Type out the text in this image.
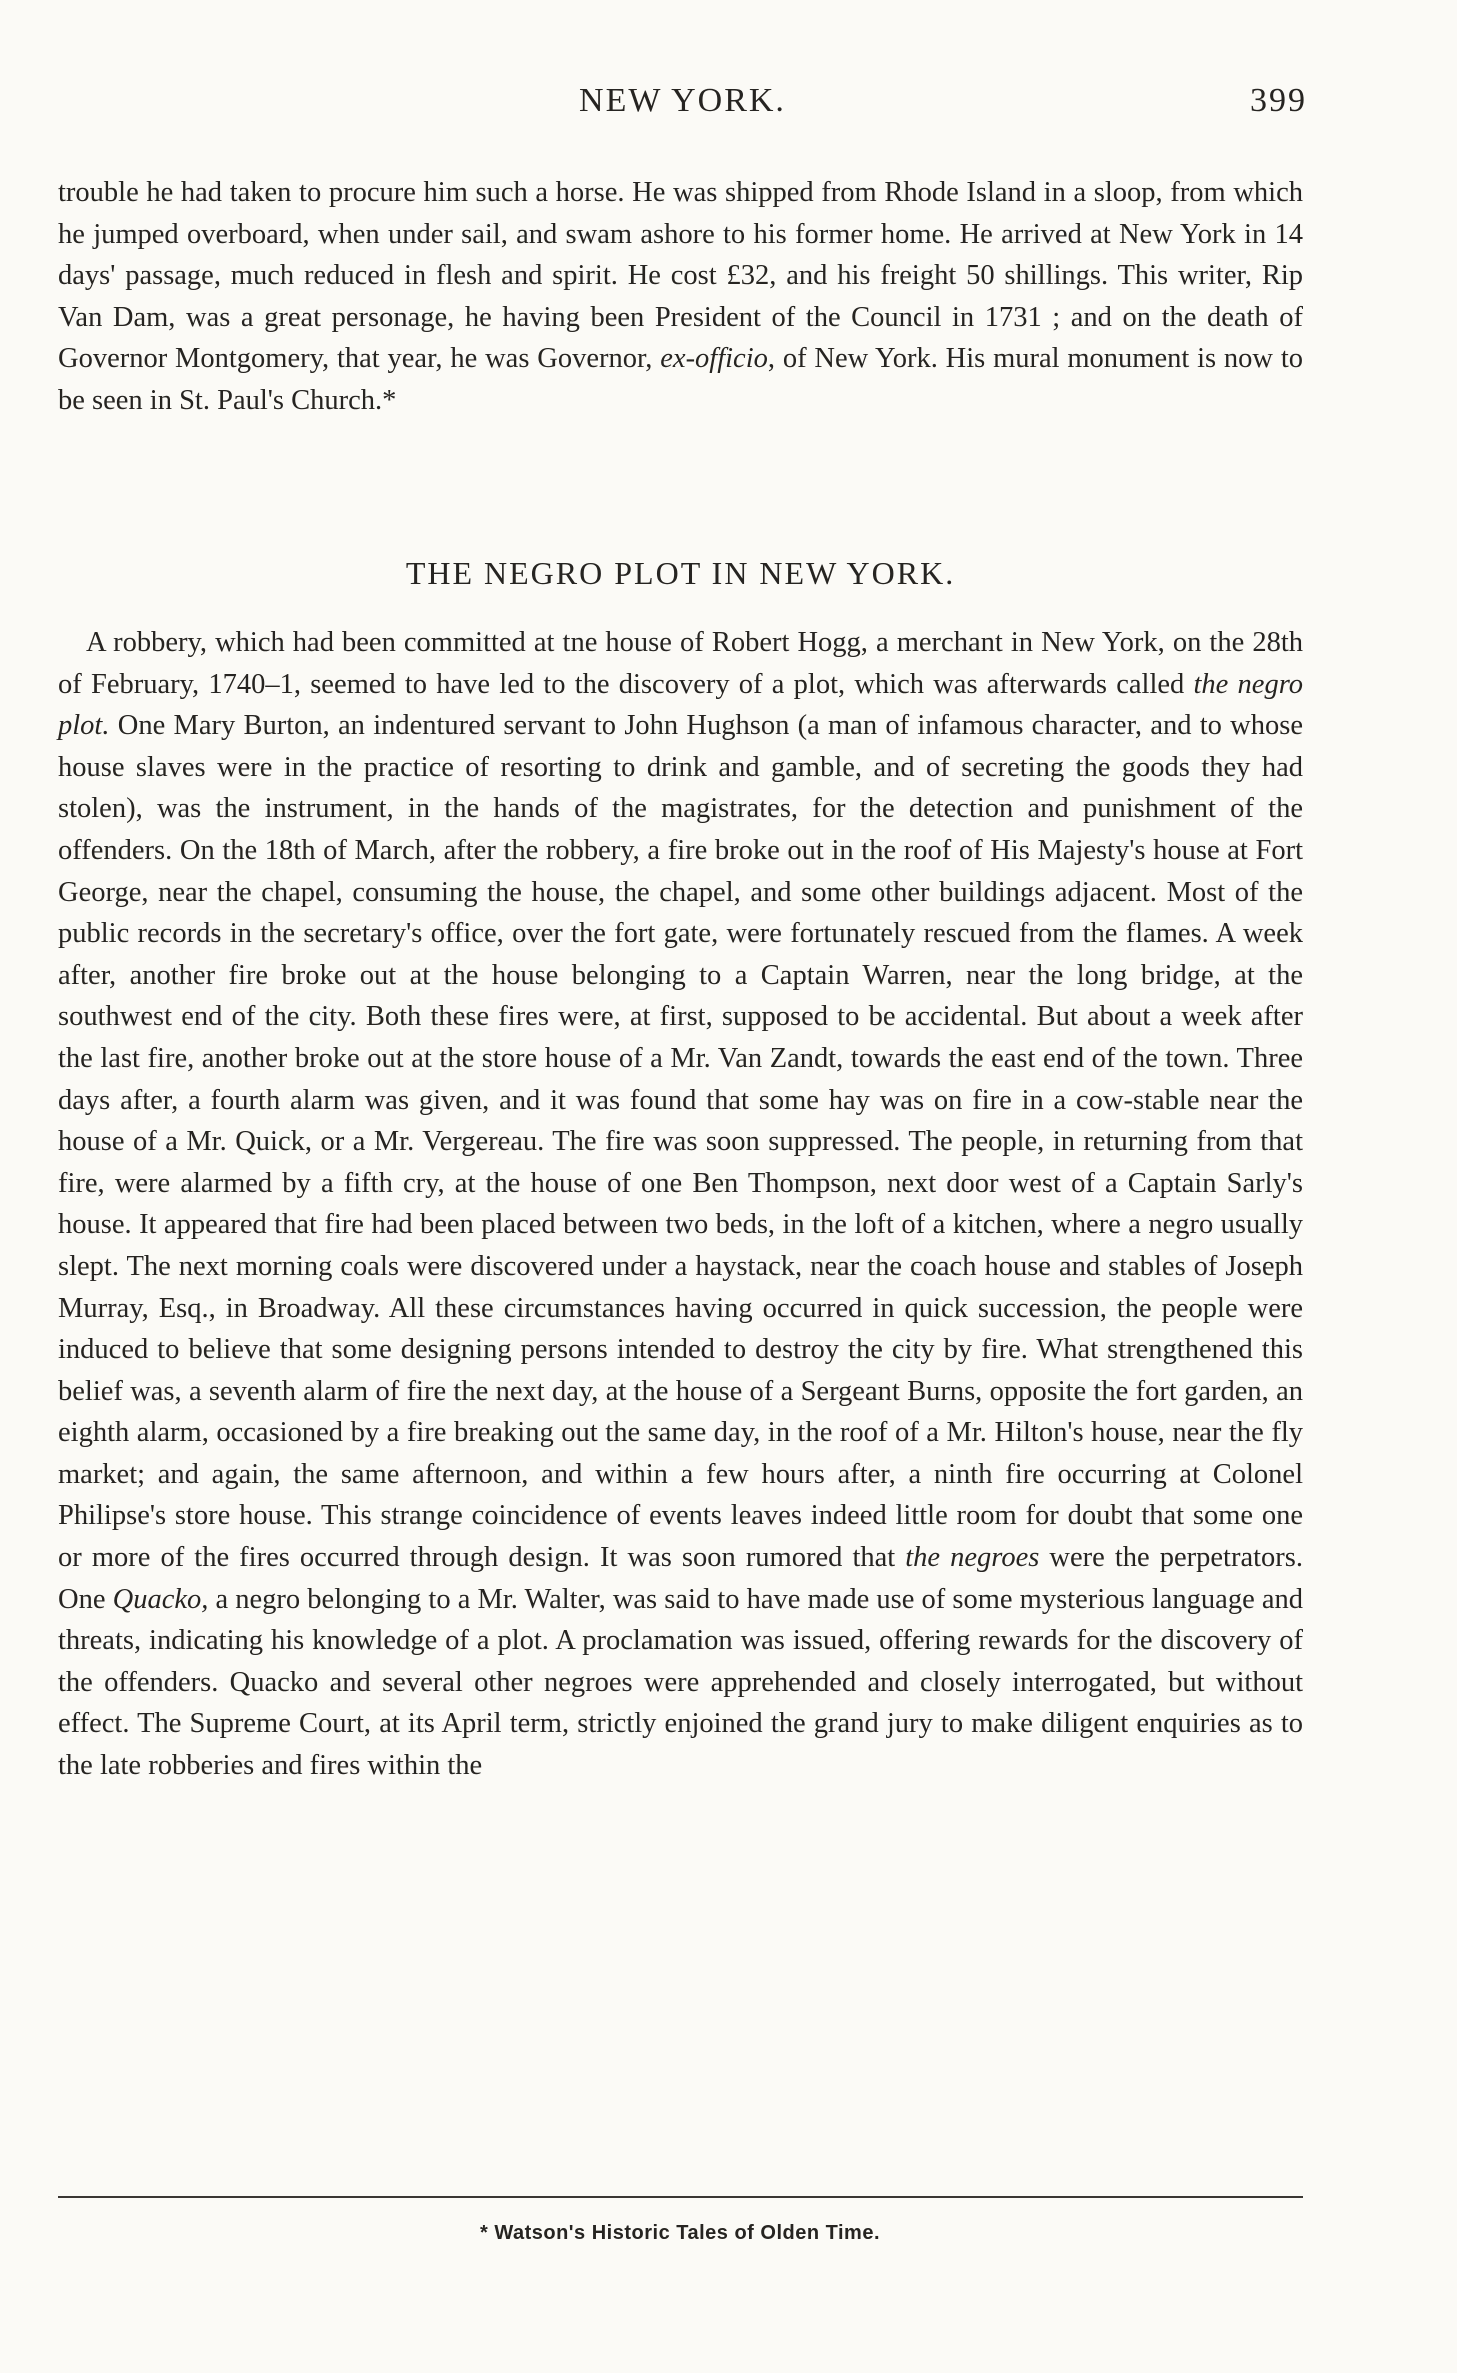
NEW YORK.	399

trouble he had taken to procure him such a horse. He was shipped from Rhode Island in a sloop, from which he jumped overboard, when under sail, and swam ashore to his former home. He arrived at New York in 14 days' passage, much reduced in flesh and spirit. He cost £32, and his freight 50 shillings. This writer, Rip Van Dam, was a great personage, he having been President of the Council in 1731 ; and on the death of Governor Montgomery, that year, he was Governor, ex-officio, of New York. His mural monument is now to be seen in St. Paul's Church.*

THE NEGRO PLOT IN NEW YORK.

A robbery, which had been committed at tne house of Robert Hogg, a merchant in New York, on the 28th of February, 1740–1, seemed to have led to the discovery of a plot, which was afterwards called the negro plot. One Mary Burton, an indentured servant to John Hughson (a man of infamous character, and to whose house slaves were in the practice of resorting to drink and gamble, and of secreting the goods they had stolen), was the instrument, in the hands of the magistrates, for the detection and punishment of the offenders. On the 18th of March, after the robbery, a fire broke out in the roof of His Majesty's house at Fort George, near the chapel, consuming the house, the chapel, and some other buildings adjacent. Most of the public records in the secretary's office, over the fort gate, were fortunately rescued from the flames. A week after, another fire broke out at the house belonging to a Captain Warren, near the long bridge, at the southwest end of the city. Both these fires were, at first, supposed to be accidental. But about a week after the last fire, another broke out at the store house of a Mr. Van Zandt, towards the east end of the town. Three days after, a fourth alarm was given, and it was found that some hay was on fire in a cow-stable near the house of a Mr. Quick, or a Mr. Vergereau. The fire was soon suppressed. The people, in returning from that fire, were alarmed by a fifth cry, at the house of one Ben Thompson, next door west of a Captain Sarly's house. It appeared that fire had been placed between two beds, in the loft of a kitchen, where a negro usually slept. The next morning coals were discovered under a haystack, near the coach house and stables of Joseph Murray, Esq., in Broadway. All these circumstances having occurred in quick succession, the people were induced to believe that some designing persons intended to destroy the city by fire. What strengthened this belief was, a seventh alarm of fire the next day, at the house of a Sergeant Burns, opposite the fort garden, an eighth alarm, occasioned by a fire breaking out the same day, in the roof of a Mr. Hilton's house, near the fly market; and again, the same afternoon, and within a few hours after, a ninth fire occurring at Colonel Philipse's store house. This strange coincidence of events leaves indeed little room for doubt that some one or more of the fires occurred through design. It was soon rumored that the negroes were the perpetrators. One Quacko, a negro belonging to a Mr. Walter, was said to have made use of some mysterious language and threats, indicating his knowledge of a plot. A proclamation was issued, offering rewards for the discovery of the offenders. Quacko and several other negroes were apprehended and closely interrogated, but without effect. The Supreme Court, at its April term, strictly enjoined the grand jury to make diligent enquiries as to the late robberies and fires within the

* Watson's Historic Tales of Olden Time.
